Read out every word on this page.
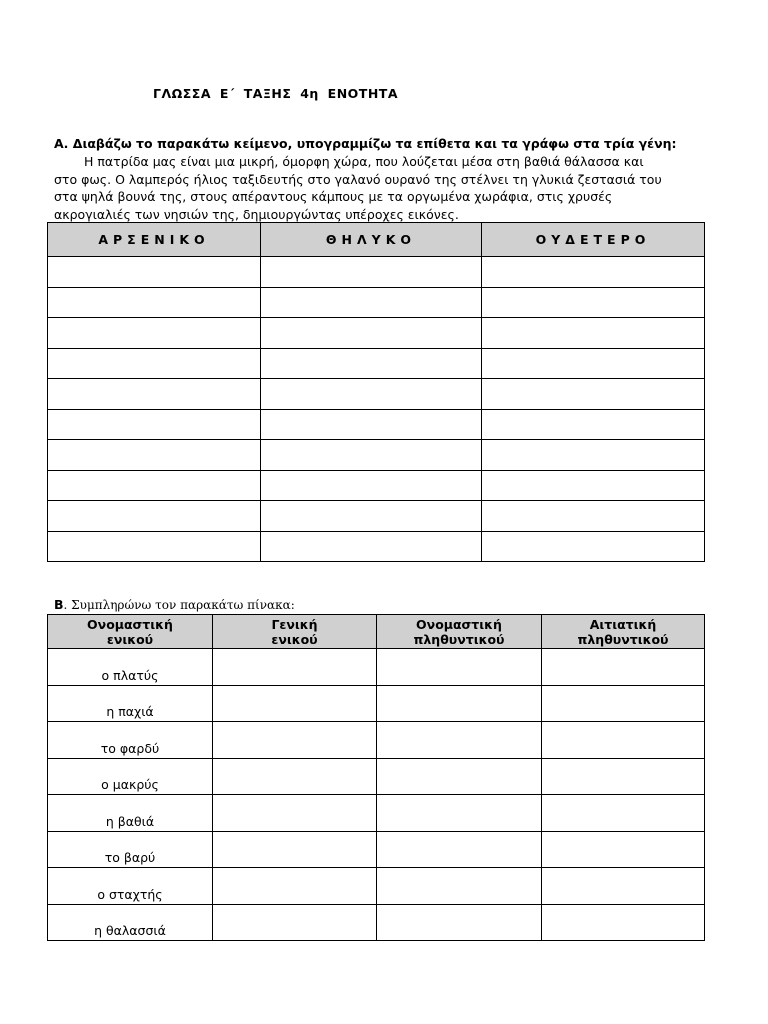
ΓΛΩΣΣΑ Ε΄ ΤΑΞΗΣ 4η ΕΝΟΤΗΤΑ
Α. Διαβάζω το παρακάτω κείμενο, υπογραμμίζω τα επίθετα και τα γράφω στα τρία γένη:
Η πατρίδα μας είναι μια μικρή, όμορφη χώρα, που λούζεται μέσα στη βαθιά θάλασσα και
στο φως. Ο λαμπερός ήλιος ταξιδευτής στο γαλανό ουρανό της στέλνει τη γλυκιά ζεστασιά του
στα ψηλά βουνά της, στους απέραντους κάμπους με τα οργωμένα χωράφια, στις χρυσές
ακρογιαλιές των νησιών της, δημιουργώντας υπέροχες εικόνες.
ΑΡΣΕΝΙΚΟ	ΘΗΛΥΚΟ	ΟΥΔΕΤΕΡΟ

Β. Συμπληρώνω τον παρακάτω πίνακα:
Ονομαστική
ενικού	Γενική
ενικού	Ονομαστική
πληθυντικού	Αιτιατική
πληθυντικού
ο πλατύς			
η παχιά			
το φαρδύ			
ο μακρύς			
η βαθιά			
το βαρύ			
ο σταχτής			
η θαλασσιά			
